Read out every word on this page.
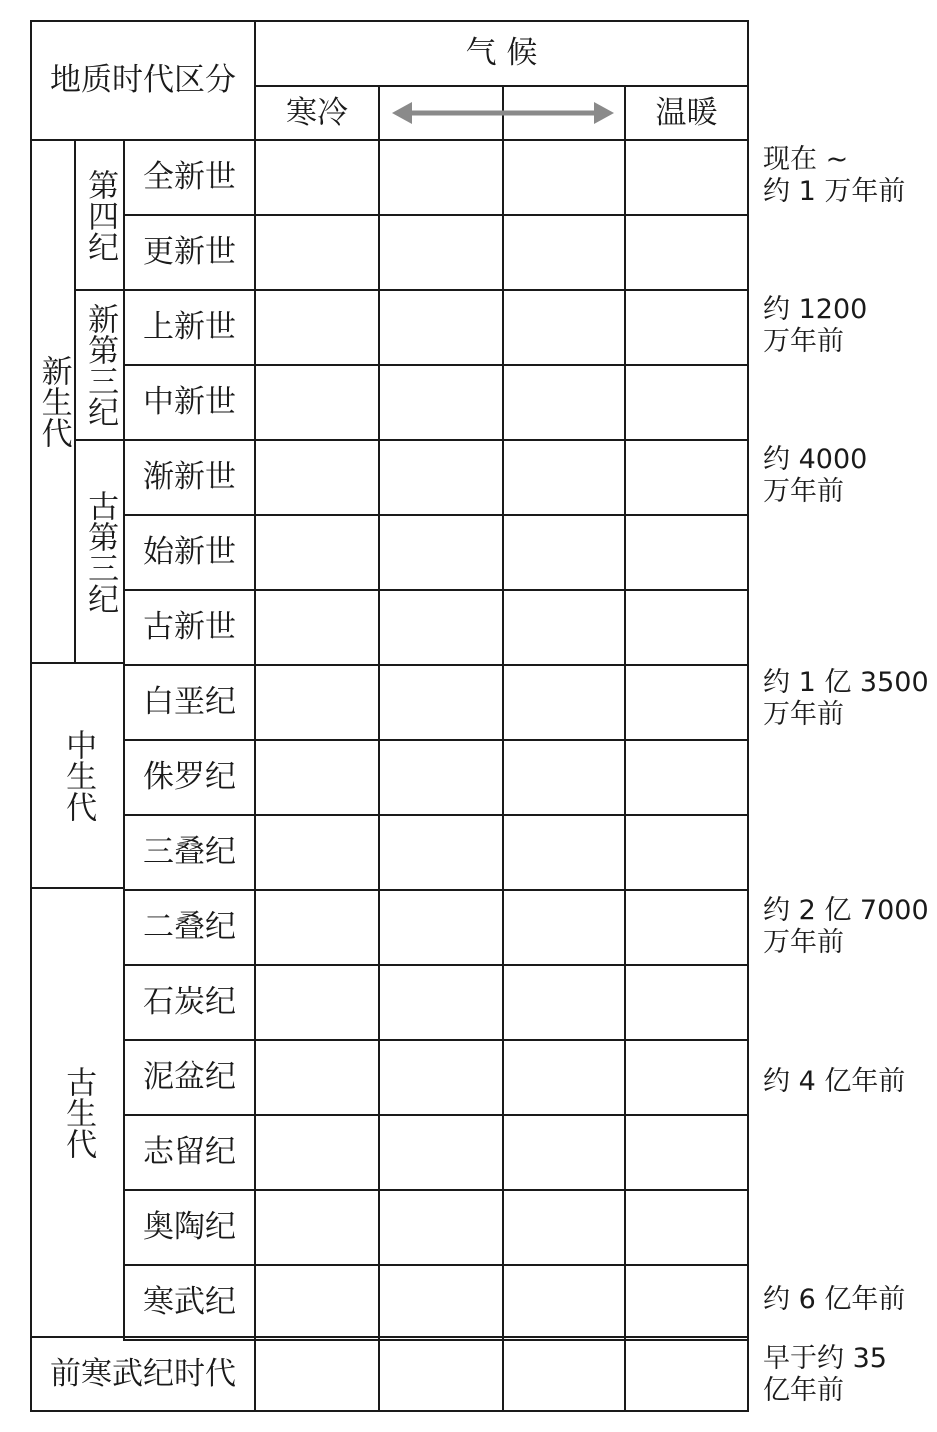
地质时代区分
气 候
寒冷	温暖
新生代
中生代
古生代
前寒武纪时代
第四纪
新第三纪
古第三纪
全新世
更新世
上新世
中新世
渐新世
始新世
古新世
白垩纪
侏罗纪
三叠纪
二叠纪
石炭纪
泥盆纪
志留纪
奥陶纪
寒武纪
现在 ~
约 1 万年前
约 1200
万年前
约 4000
万年前
约 1 亿 3500
万年前
约 2 亿 7000
万年前
约 4 亿年前
约 6 亿年前
早于约 35
亿年前
